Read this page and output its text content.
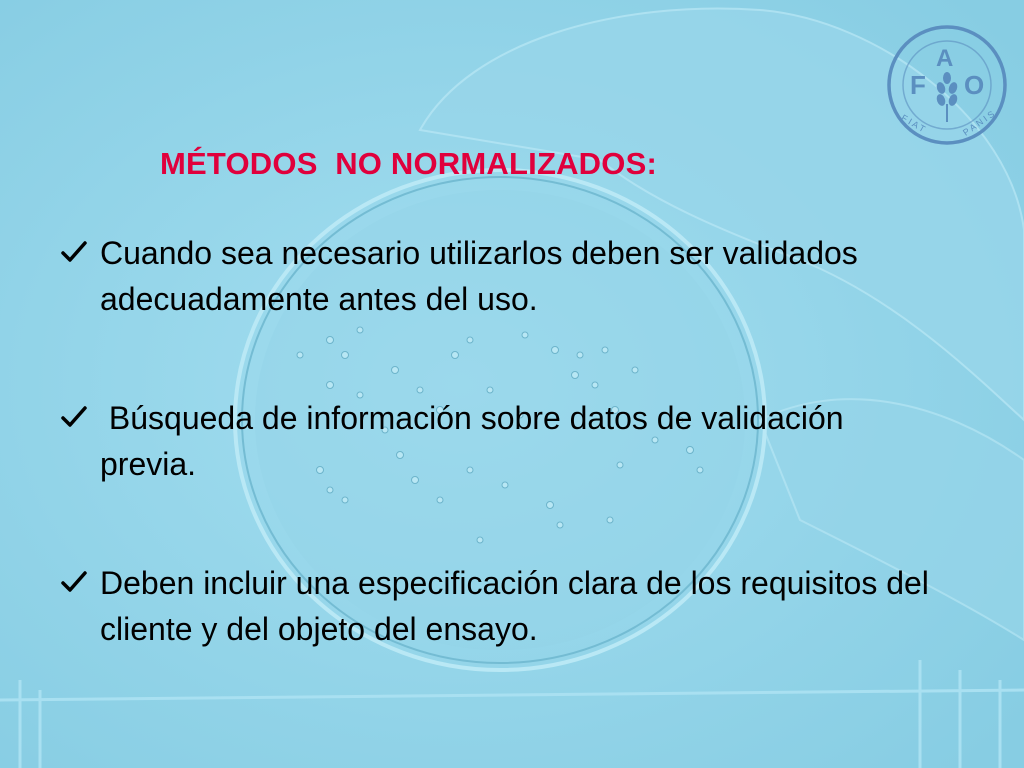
F
A
O
F I A T	P A N I S
MÉTODOS  NO NORMALIZADOS:
Cuando sea necesario utilizarlos deben ser validados adecuadamente antes del uso.
Búsqueda de información sobre datos de validación previa.
Deben incluir una especificación clara de los requisitos del cliente y del objeto del ensayo.
